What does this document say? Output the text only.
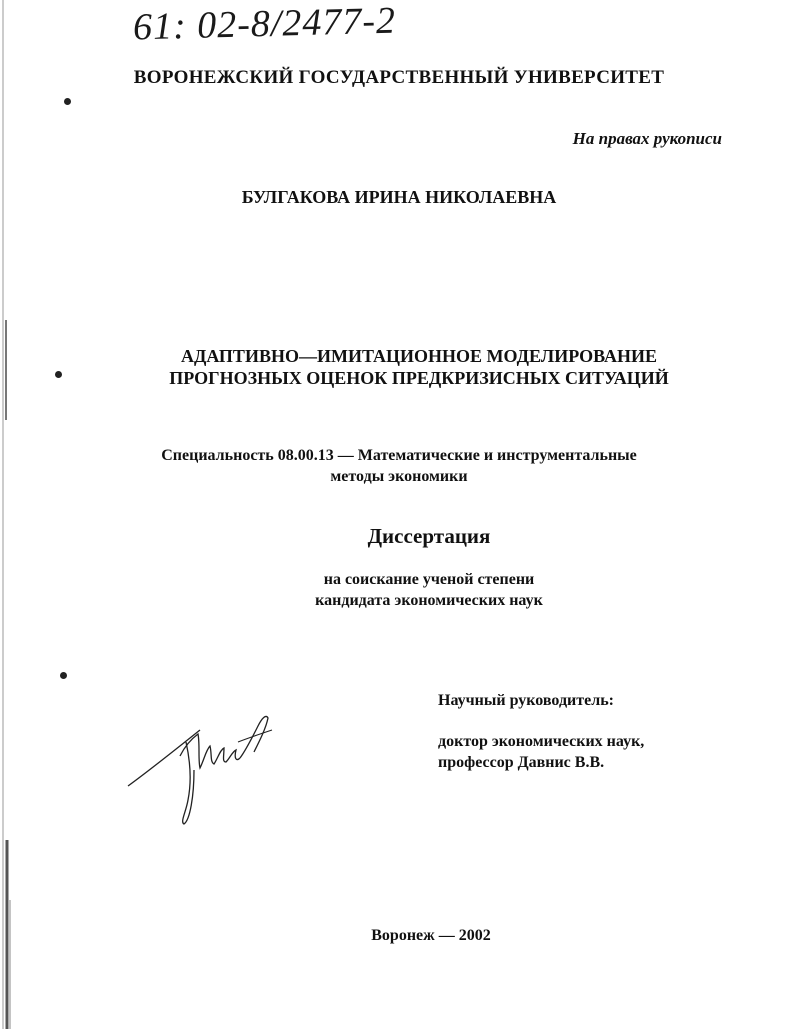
61: 02-8/2477-2
ВОРОНЕЖСКИЙ ГОСУДАРСТВЕННЫЙ УНИВЕРСИТЕТ
На правах рукописи
БУЛГАКОВА ИРИНА НИКОЛАЕВНА
АДАПТИВНО—ИМИТАЦИОННОЕ МОДЕЛИРОВАНИЕ
ПРОГНОЗНЫХ ОЦЕНОК ПРЕДКРИЗИСНЫХ СИТУАЦИЙ
Специальность 08.00.13 — Математические и инструментальные
методы экономики
Диссертация
на соискание ученой степени
кандидата экономических наук
Научный руководитель:
доктор экономических наук,
профессор Давнис В.В.
Воронеж — 2002
